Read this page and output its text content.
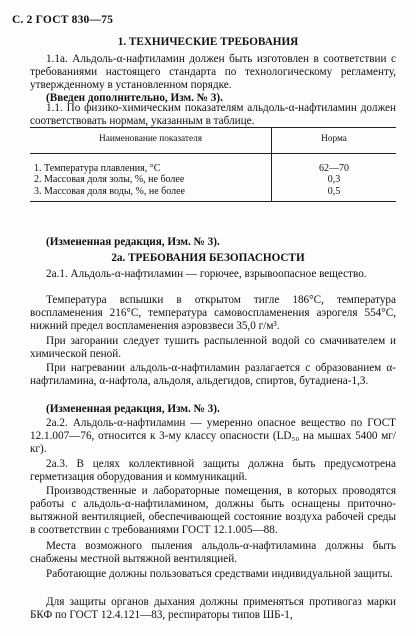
С. 2 ГОСТ 830—75
1. ТЕХНИЧЕСКИЕ ТРЕБОВАНИЯ
1.1а. Альдоль-α-нафтиламин должен быть изготовлен в соответствии с требованиями настоящего стандарта по технологическому регламенту, утвержденному в установленном порядке.
(Введен дополнительно, Изм. № 3).
1.1. По физико-химическим показателям альдоль-α-нафтиламин должен соответствовать нормам, указанным в таблице.
Наименование показателя	Норма
1. Температура плавления, °С	62—70
2. Массовая доля золы, %, не более	0,3
3. Массовая доля воды, %, не более	0,5
(Измененная редакция, Изм. № 3).
2а. ТРЕБОВАНИЯ БЕЗОПАСНОСТИ
2а.1. Альдоль-α-нафтиламин — горючее, взрывоопасное вещество.
Температура вспышки в открытом тигле 186°С, температура воспламенения 216°С, температура самовоспламенения аэрогеля 554°С, нижний предел воспламенения аэровзвеси 35,0 г/м³.
При загорании следует тушить распыленной водой со смачивателем и химической пеной.
При нагревании альдоль-α-нафтиламин разлагается с образованием α-нафтиламина, α-нафтола, альдоля, альдегидов, спиртов, бутадиена-1,3.
(Измененная редакция, Изм. № 3).
2а.2. Альдоль-α-нафтиламин — умеренно опасное вещество по ГОСТ 12.1.007—76, относится к 3-му классу опасности (LD₅₀ на мышах 5400 мг/кг).
2а.3. В целях коллективной защиты должна быть предусмотрена герметизация оборудования и коммуникаций.
Производственные и лабораторные помещения, в которых проводятся работы с альдоль-α-нафтиламином, должны быть оснащены приточно-вытяжной вентиляцией, обеспечивающей состояние воздуха рабочей среды в соответствии с требованиями ГОСТ 12.1.005—88.
Места возможного пыления альдоль-α-нафтиламина должны быть снабжены местной вытяжной вентиляцией.
Работающие должны пользоваться средствами индивидуальной защиты.
Для защиты органов дыхания должны применяться противогаз марки БКФ по ГОСТ 12.4.121—83, респираторы типов ШБ-1,
